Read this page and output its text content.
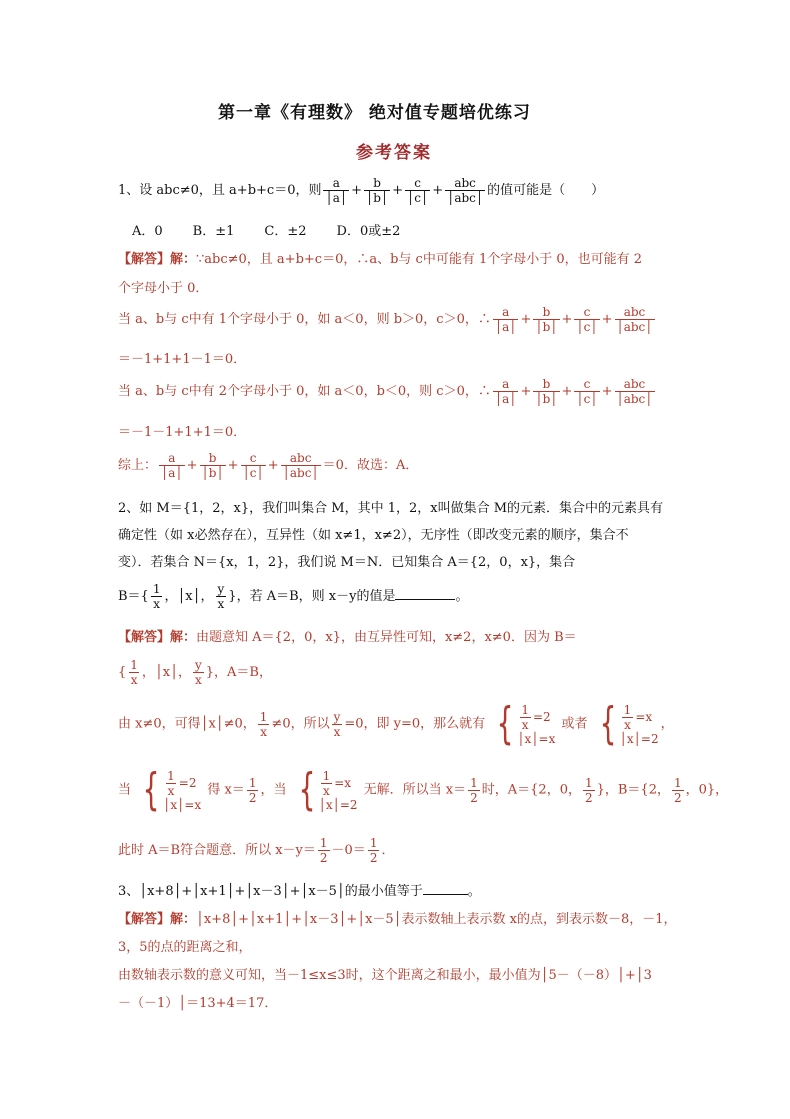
第一章《有理数》 绝对值专题培优练习
参考答案
1、设 abc≠0，且 a+b+c＝0，则 $\frac{a}{│a│} + \frac{b}{│b│} + \frac{c}{│c│} + \frac{\text{abc}}{\text{│abc│}}$ 的值可能是（　　）
A．0 B．±1 C．±2 D．0或±2
【解答】解：∵abc≠0，且 a+b+c＝0，∴a、b与 c中可能有 1个字母小于 0，也可能有 2
个字母小于 0．
当 a、b与 c中有 1个字母小于 0，如 a＜0，则 b＞0，c＞0，∴ $\frac{a}{│a│} + \frac{b}{│b│} + \frac{c}{│c│} + \frac{\text{abc}}{\text{│abc│}}$
＝－1+1+1－1＝0．
当 a、b与 c中有 2个字母小于 0，如 a＜0，b＜0，则 c＞0，∴ $\frac{a}{│a│} + \frac{b}{│b│} + \frac{c}{│c│} + \frac{\text{abc}}{\text{│abc│}}$
＝－1－1+1+1＝0．
综上： $\frac{a}{│a│} + \frac{b}{│b│} + \frac{c}{│c│} + \frac{\text{abc}}{\text{│abc│}} =0$．故选：A．
2、如 M＝{1，2，x}，我们叫集合 M，其中 1，2，x叫做集合 M的元素．集合中的元素具有
确定性（如 x必然存在），互异性（如 x≠1，x≠2），无序性（即改变元素的顺序，集合不
变）．若集合 N＝{x，1，2}，我们说 M＝N．已知集合 A＝{2，0，x}，集合
$B=\{ \frac{1}{x}$ ，│x│， $\frac{y}{x}$ }，若 A＝B，则 x－y的值是	。
【解答】解：由题意知 A＝{2，0，x}，由互异性可知，x≠2，x≠0．因为 B＝
{ $\frac{1}{x}$ ，│x│， $\frac{y}{x}$ }，A＝B，
由 x≠0，可得│x│≠0， $\frac{1}{x} \ne 0$，所以 $\frac{y}{x} =0$，即 y=0，那么就有 { $\frac{1}{x} =2$
│x│=x
或者 { $\frac{1}{x} =x$
│x│=2
，
当 { $\frac{1}{x} =2$
│x│=x
得 $x= \frac{1}{2}$ ，当 { $\frac{1}{x} =x$
│x│=2
无解．所以当 $x= \frac{1}{2}$ 时，A＝{2，0， $\frac{1}{2}$ }，B＝{2， $\frac{1}{2}$ ，0}，
此时 A＝B符合题意．所以 $x-y= \frac{1}{2} -0= \frac{1}{2}$ ．
3、│x+8│+│x+1│+│x－3│+│x－5│的最小值等于	。
【解答】解：│x+8│+│x+1│+│x－3│+│x－5│表示数轴上表示数 x的点，到表示数－8，－1，
3，5的点的距离之和，
由数轴表示数的意义可知，当－1≤x≤3时，这个距离之和最小，最小值为│5－（－8）│+│3
－（－1）│＝13+4＝17．
